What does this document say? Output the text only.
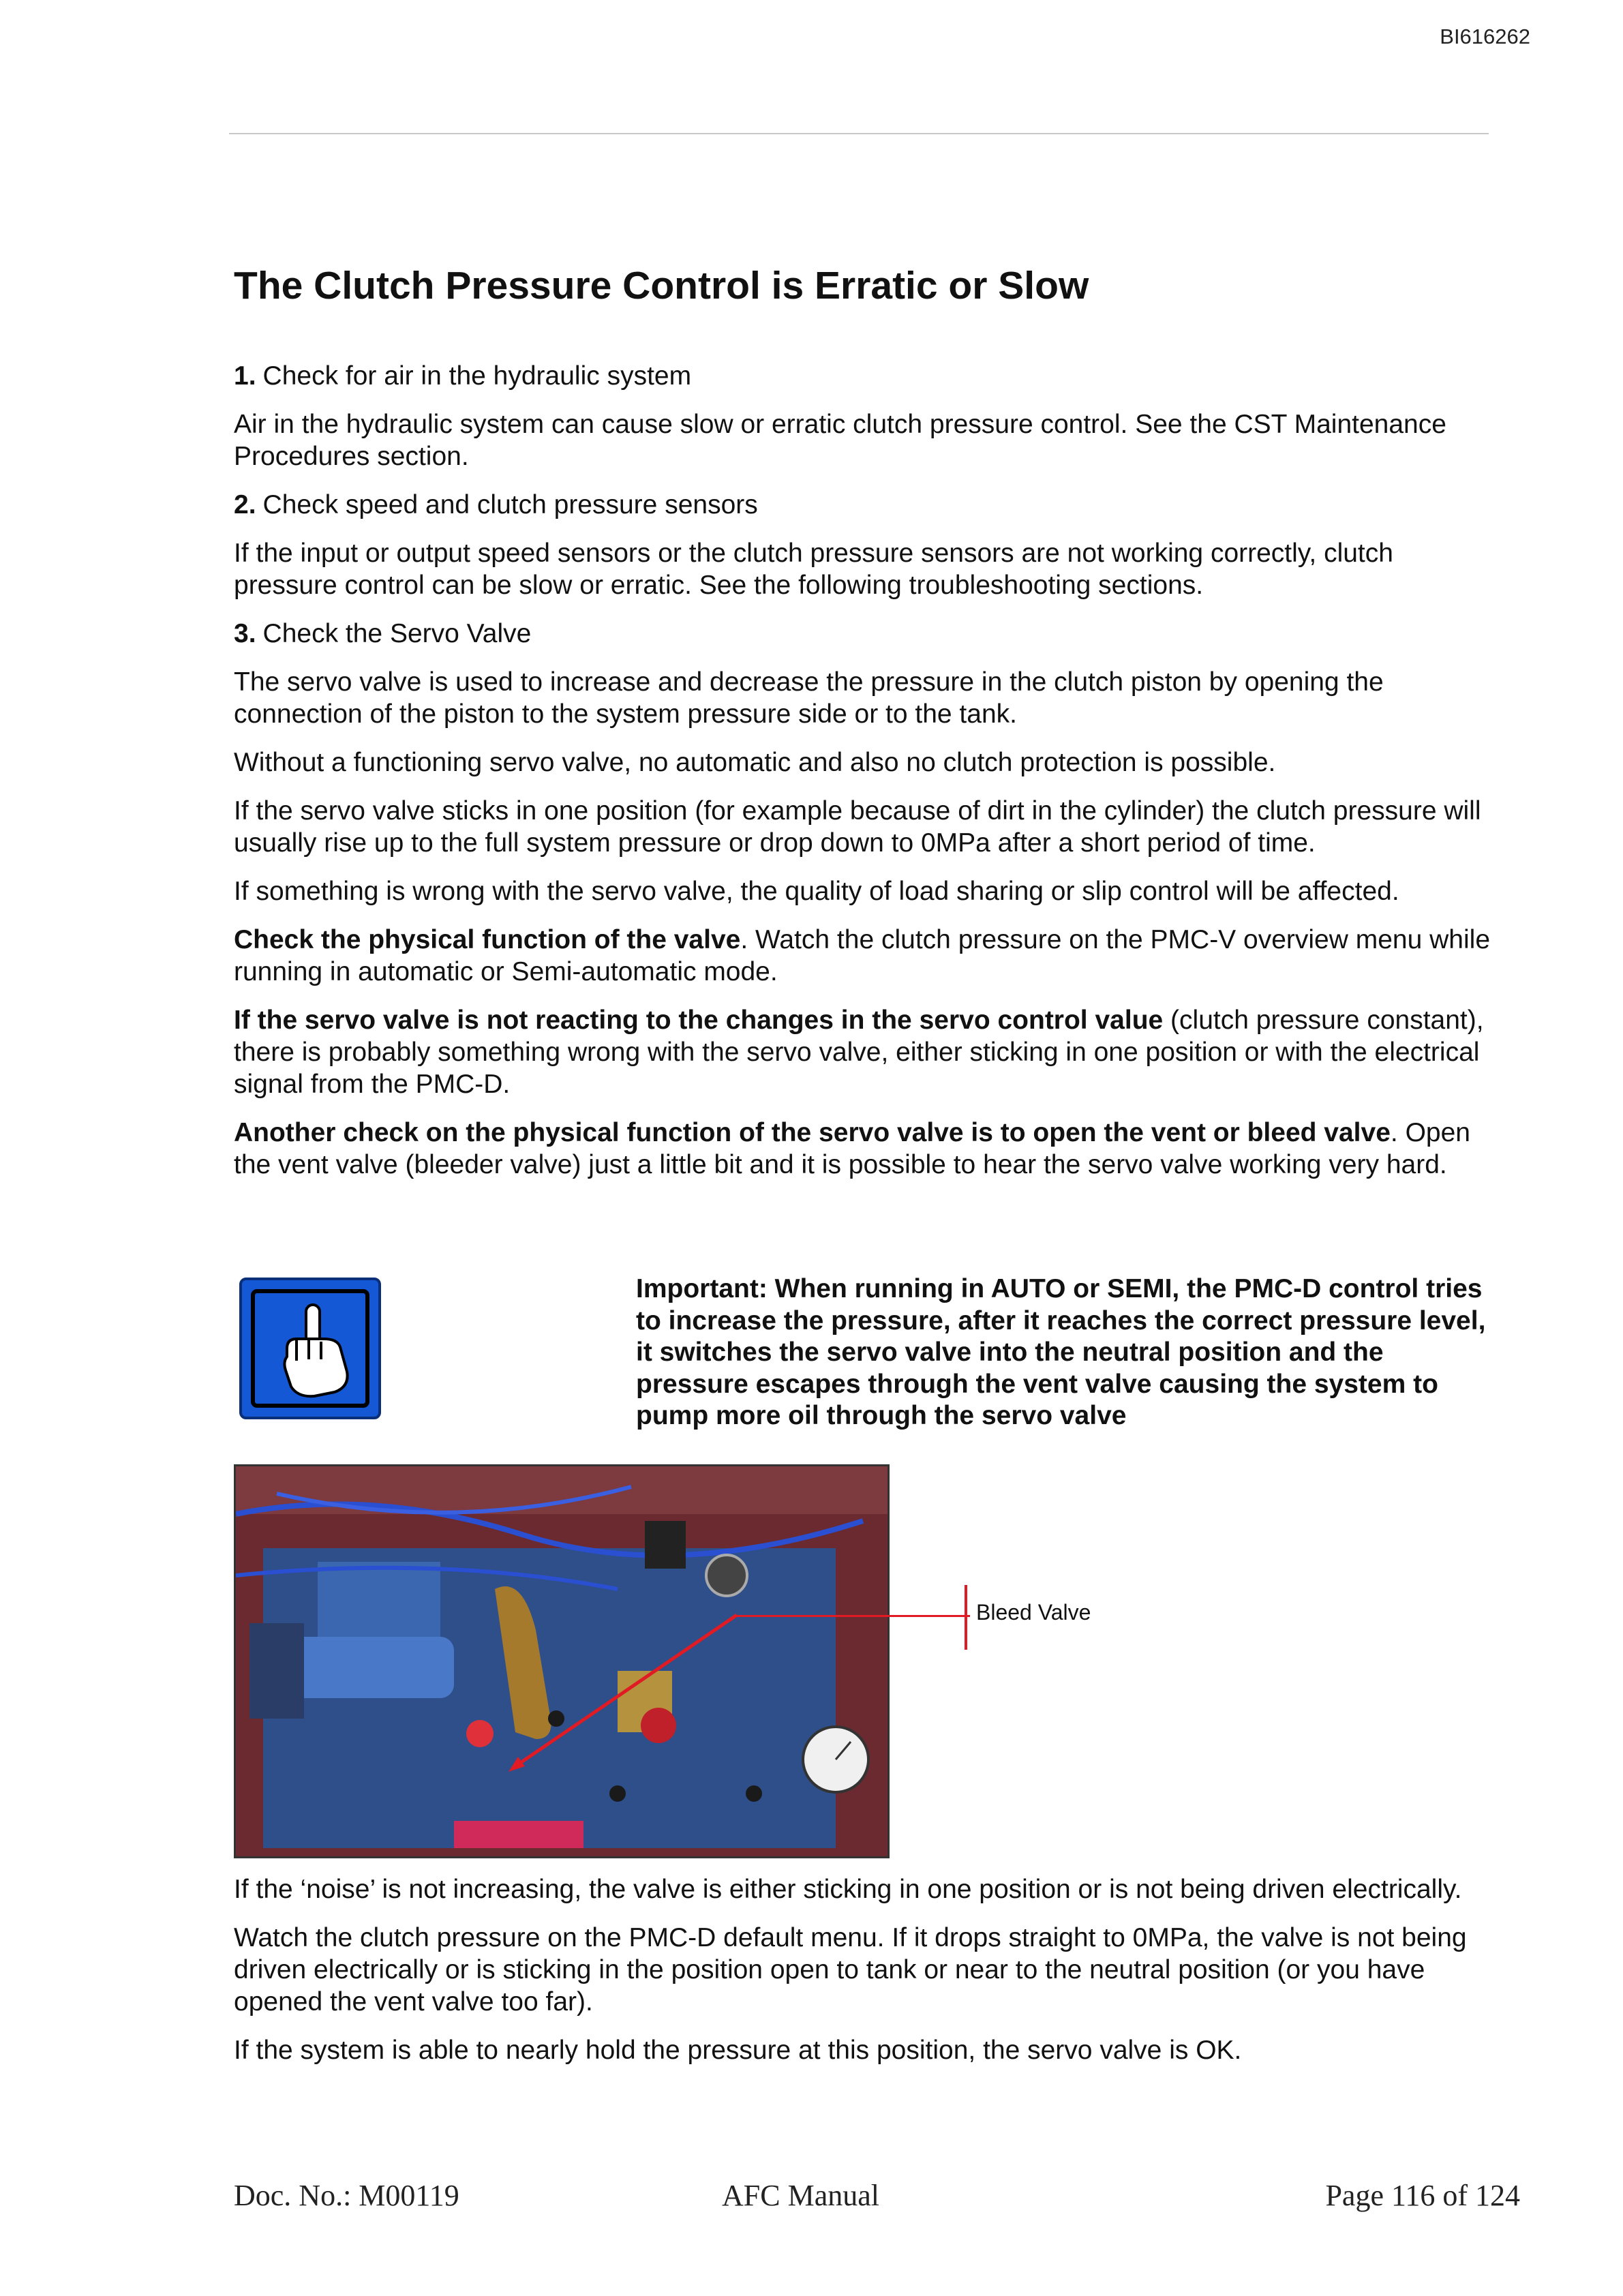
BI616262
The Clutch Pressure Control is Erratic or Slow
1. Check for air in the hydraulic system

Air in the hydraulic system can cause slow or erratic clutch pressure control. See the CST Maintenance Procedures section.

2. Check speed and clutch pressure sensors

If the input or output speed sensors or the clutch pressure sensors are not working correctly, clutch pressure control can be slow or erratic. See the following troubleshooting sections.

3. Check the Servo Valve

The servo valve is used to increase and decrease the pressure in the clutch piston by opening the connection of the piston to the system pressure side or to the tank.

Without a functioning servo valve, no automatic and also no clutch protection is possible.

If the servo valve sticks in one position (for example because of dirt in the cylinder) the clutch pressure will usually rise up to the full system pressure or drop down to 0MPa after a short period of time.

If something is wrong with the servo valve, the quality of load sharing or slip control will be affected.

Check the physical function of the valve. Watch the clutch pressure on the PMC-V overview menu while running in automatic or Semi-automatic mode.

If the servo valve is not reacting to the changes in the servo control value (clutch pressure constant), there is probably something wrong with the servo valve, either sticking in one position or with the electrical signal from the PMC-D.

Another check on the physical function of the servo valve is to open the vent or bleed valve. Open the vent valve (bleeder valve) just a little bit and it is possible to hear the servo valve working very hard.

Important: When running in AUTO or SEMI, the PMC-D control tries to increase the pressure, after it reaches the correct pressure level, it switches the servo valve into the neutral position and the pressure escapes through the vent valve causing the system to pump more oil through the servo valve

Bleed Valve

If the ‘noise’ is not increasing, the valve is either sticking in one position or is not being driven electrically.

Watch the clutch pressure on the PMC-D default menu. If it drops straight to 0MPa, the valve is not being driven electrically or is sticking in the position open to tank or near to the neutral position (or you have opened the vent valve too far).

If the system is able to nearly hold the pressure at this position, the servo valve is OK.

Doc. No.: M00119	AFC Manual	Page 116 of 124
